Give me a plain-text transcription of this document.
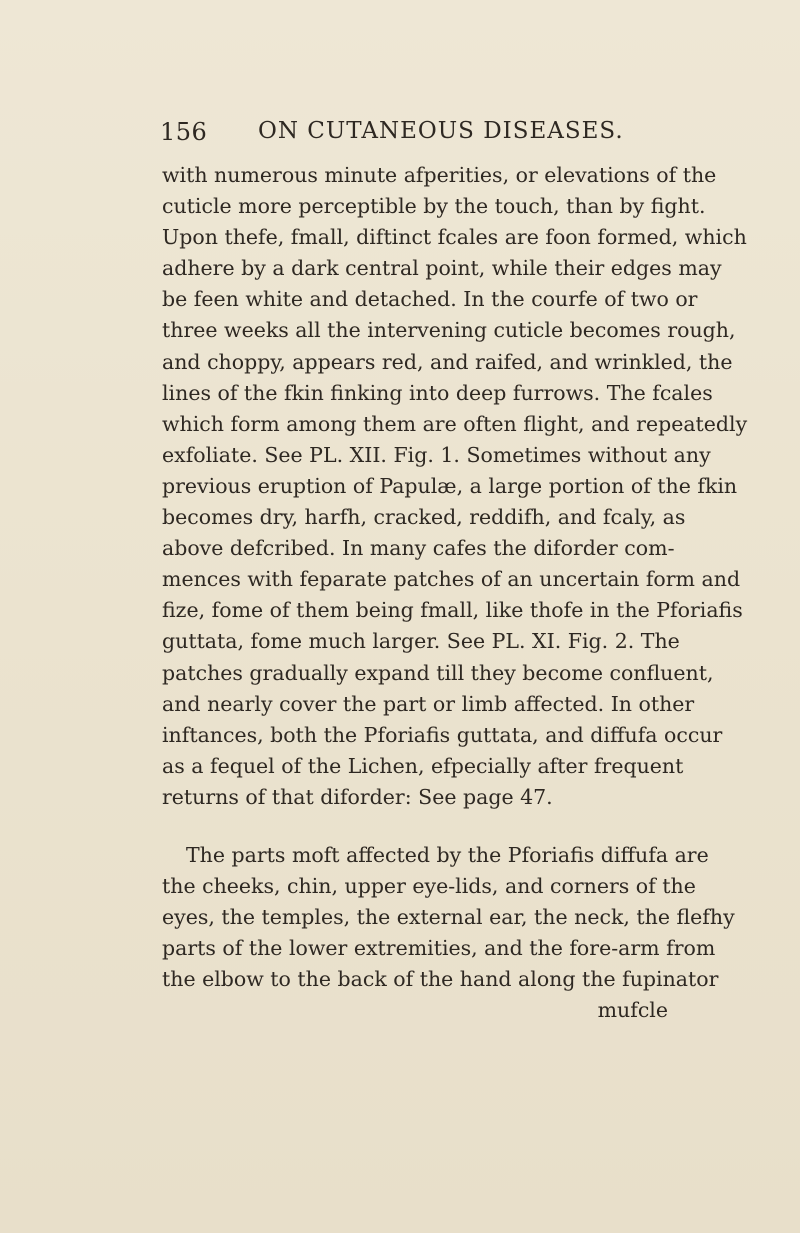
156 ON CUTANEOUS DISEASES.
with numerous minute afperities, or elevations of the
cuticle more perceptible by the touch, than by fight.
Upon thefe, fmall, diftinct fcales are foon formed, which
adhere by a dark central point, while their edges may
be feen white and detached. In the courfe of two or
three weeks all the intervening cuticle becomes rough,
and choppy, appears red, and raifed, and wrinkled, the
lines of the fkin finking into deep furrows. The fcales
which form among them are often flight, and repeatedly
exfoliate. See PL. XII. Fig. 1. Sometimes without any
previous eruption of Papulæ, a large portion of the fkin
becomes dry, harfh, cracked, reddifh, and fcaly, as
above defcribed. In many cafes the diforder com-
mences with feparate patches of an uncertain form and
fize, fome of them being fmall, like thofe in the Pforiafis
guttata, fome much larger. See PL. XI. Fig. 2. The
patches gradually expand till they become confluent,
and nearly cover the part or limb affected. In other
inftances, both the Pforiafis guttata, and diffufa occur
as a fequel of the Lichen, efpecially after frequent
returns of that diforder: See page 47.
The parts moft affected by the Pforiafis diffufa are
the cheeks, chin, upper eye-lids, and corners of the
eyes, the temples, the external ear, the neck, the flefhy
parts of the lower extremities, and the fore-arm from
the elbow to the back of the hand along the fupinator
mufcle
